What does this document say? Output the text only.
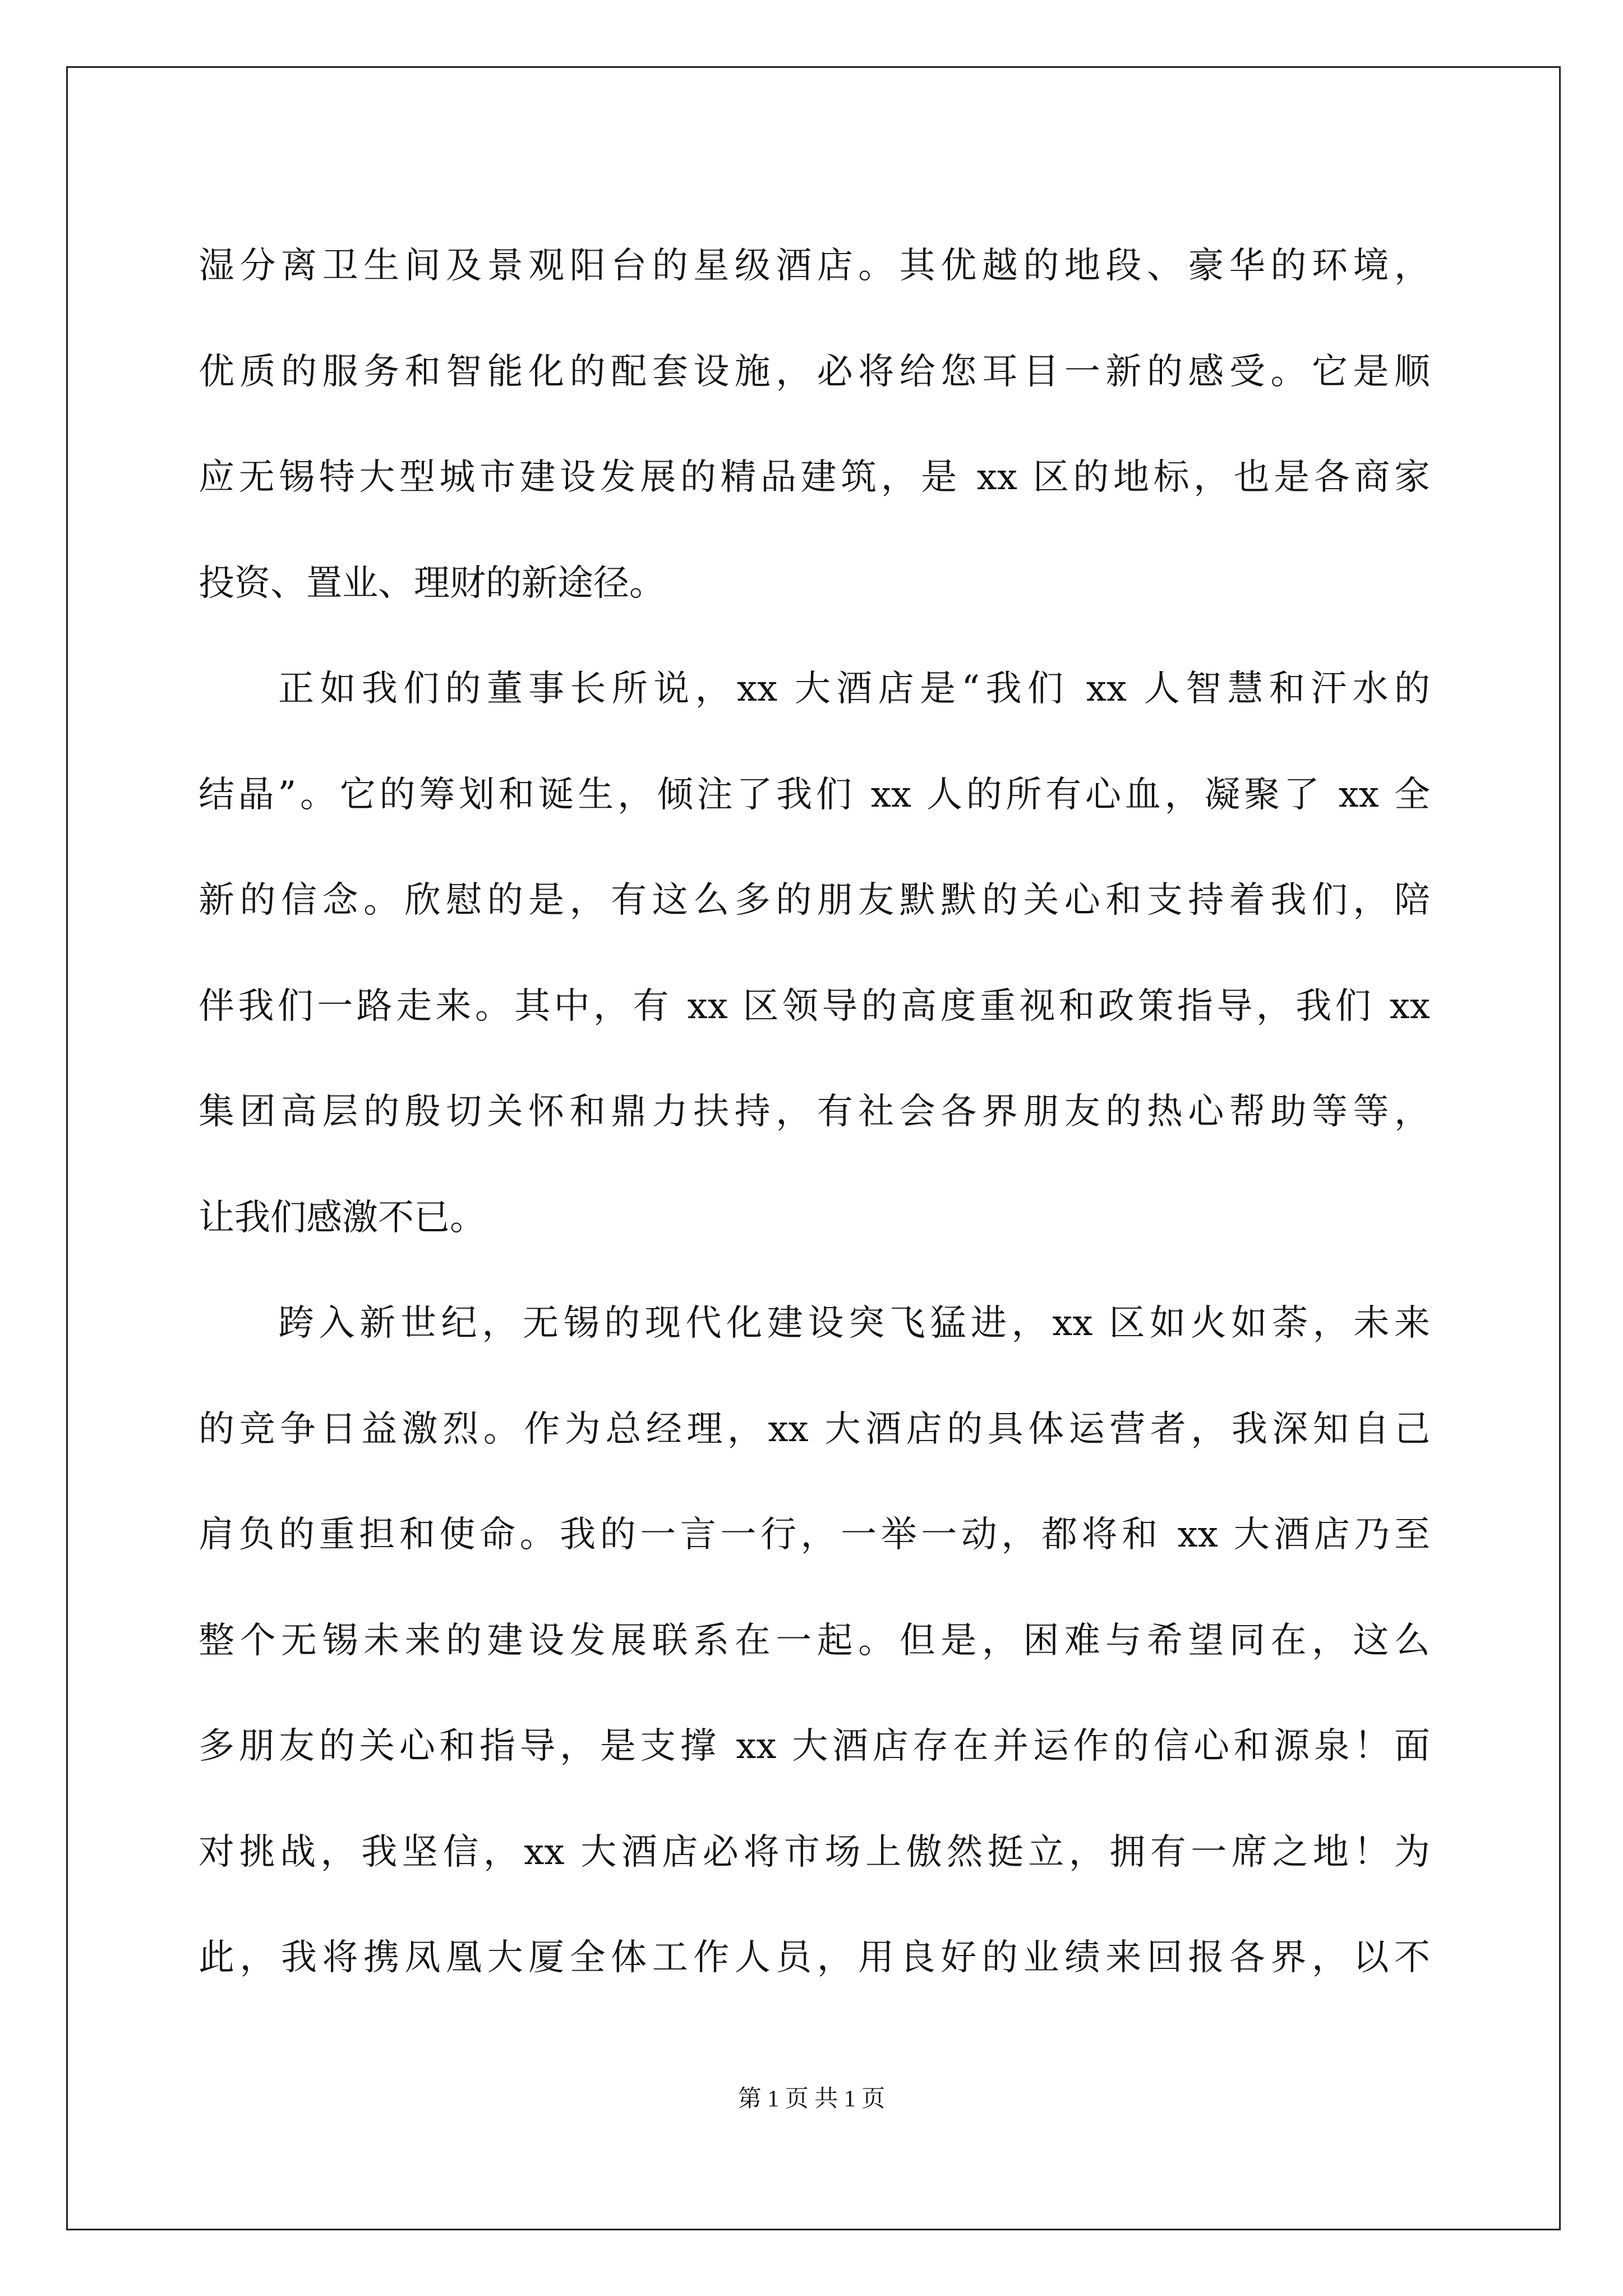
湿分离卫生间及景观阳台的星级酒店。其优越的地段、豪华的环境，
优质的服务和智能化的配套设施，必将给您耳目一新的感受。它是顺
应无锡特大型城市建设发展的精品建筑，是 xx 区的地标，也是各商家
投资、置业、理财的新途径。
正如我们的董事长所说，xx 大酒店是“我们 xx 人智慧和汗水的
结晶”。它的筹划和诞生，倾注了我们 xx 人的所有心血，凝聚了 xx 全
新的信念。欣慰的是，有这么多的朋友默默的关心和支持着我们，陪
伴我们一路走来。其中，有 xx 区领导的高度重视和政策指导，我们 xx
集团高层的殷切关怀和鼎力扶持，有社会各界朋友的热心帮助等等，
让我们感激不已。
跨入新世纪，无锡的现代化建设突飞猛进，xx 区如火如荼，未来
的竞争日益激烈。作为总经理，xx 大酒店的具体运营者，我深知自己
肩负的重担和使命。我的一言一行，一举一动，都将和 xx 大酒店乃至
整个无锡未来的建设发展联系在一起。但是，困难与希望同在，这么
多朋友的关心和指导，是支撑 xx 大酒店存在并运作的信心和源泉！面
对挑战，我坚信，xx 大酒店必将市场上傲然挺立，拥有一席之地！为
此，我将携凤凰大厦全体工作人员，用良好的业绩来回报各界，以不
第 1 页 共 1 页
